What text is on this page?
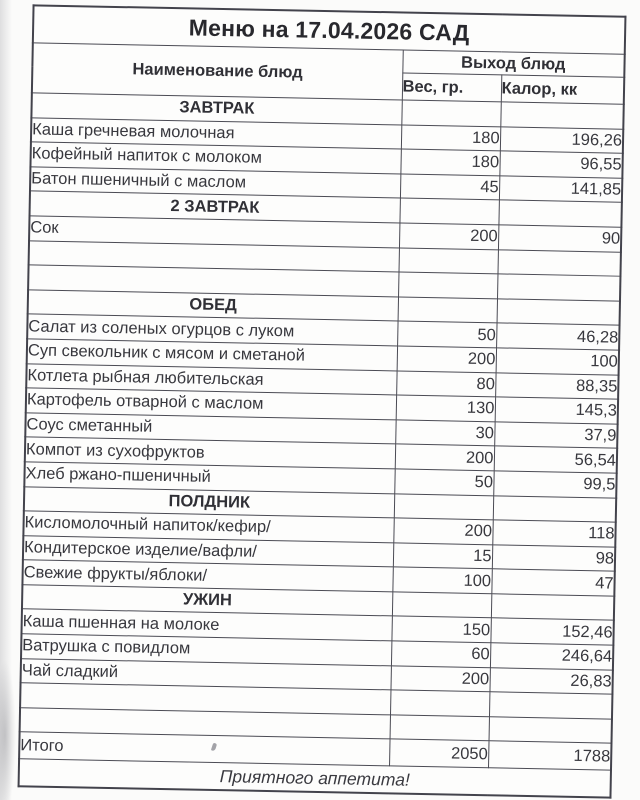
Меню на 17.04.2026 САД		
Наименование блюд	Выход блюд	
	Вес, гр.	Калор, кк
ЗАВТРАК		
Каша гречневая молочная	180	196,26
Кофейный напиток с молоком	180	96,55
Батон пшеничный с маслом	45	141,85
2 ЗАВТРАК		
Сок	200	90

ОБЕД		
Салат из соленых огурцов с луком	50	46,28
Суп свекольник с мясом и сметаной	200	100
Котлета рыбная любительская	80	88,35
Картофель отварной с маслом	130	145,3
Соус сметанный	30	37,9
Компот из сухофруктов	200	56,54
Хлеб ржано-пшеничный	50	99,5
ПОЛДНИК		
Кисломолочный напиток/кефир/	200	118
Кондитерское изделие/вафли/	15	98
Свежие фрукты/яблоки/	100	47
УЖИН		
Каша пшенная на молоке	150	152,46
Ватрушка с повидлом	60	246,64
Чай сладкий	200	26,83

Итого	2050	1788
Приятного аппетита!		
